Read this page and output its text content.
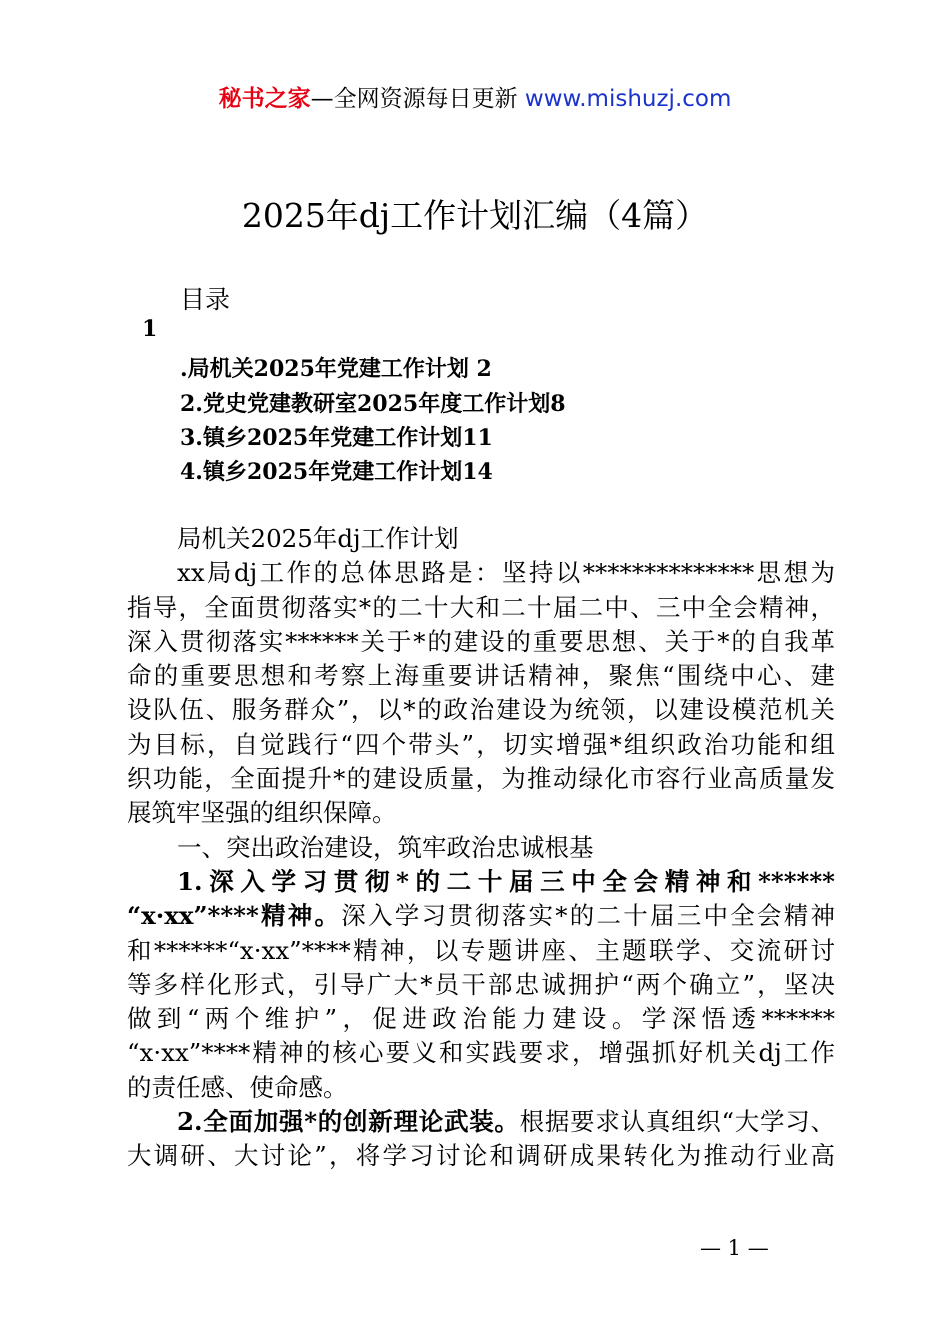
秘书之家—全网资源每日更新 www.mishuzj.com
2025年dj工作计划汇编（4篇）
目录
1
.局机关2025年党建工作计划 2
2.党史党建教研室2025年度工作计划8
3.镇乡2025年党建工作计划11
4.镇乡2025年党建工作计划14
局机关2025年dj工作计划
xx局dj工作的总体思路是：坚持以**************思想为
指导，全面贯彻落实*的二十大和二十届二中、三中全会精神，
深入贯彻落实******关于*的建设的重要思想、关于*的自我革
命的重要思想和考察上海重要讲话精神，聚焦“围绕中心、建
设队伍、服务群众”，以*的政治建设为统领，以建设模范机关
为目标，自觉践行“四个带头”，切实增强*组织政治功能和组
织功能，全面提升*的建设质量，为推动绿化市容行业高质量发
展筑牢坚强的组织保障。
一、突出政治建设，筑牢政治忠诚根基
1.深入学习贯彻*的二十届三中全会精神和******
“x·xx”****精神。深入学习贯彻落实*的二十届三中全会精神
和******“x·xx”****精神，以专题讲座、主题联学、交流研讨
等多样化形式，引导广大*员干部忠诚拥护“两个确立”，坚决
做到“两个维护”，促进政治能力建设。学深悟透******
“x·xx”****精神的核心要义和实践要求，增强抓好机关dj工作
的责任感、使命感。
2.全面加强*的创新理论武装。根据要求认真组织“大学习、
大调研、大讨论”，将学习讨论和调研成果转化为推动行业高
— 1 —
